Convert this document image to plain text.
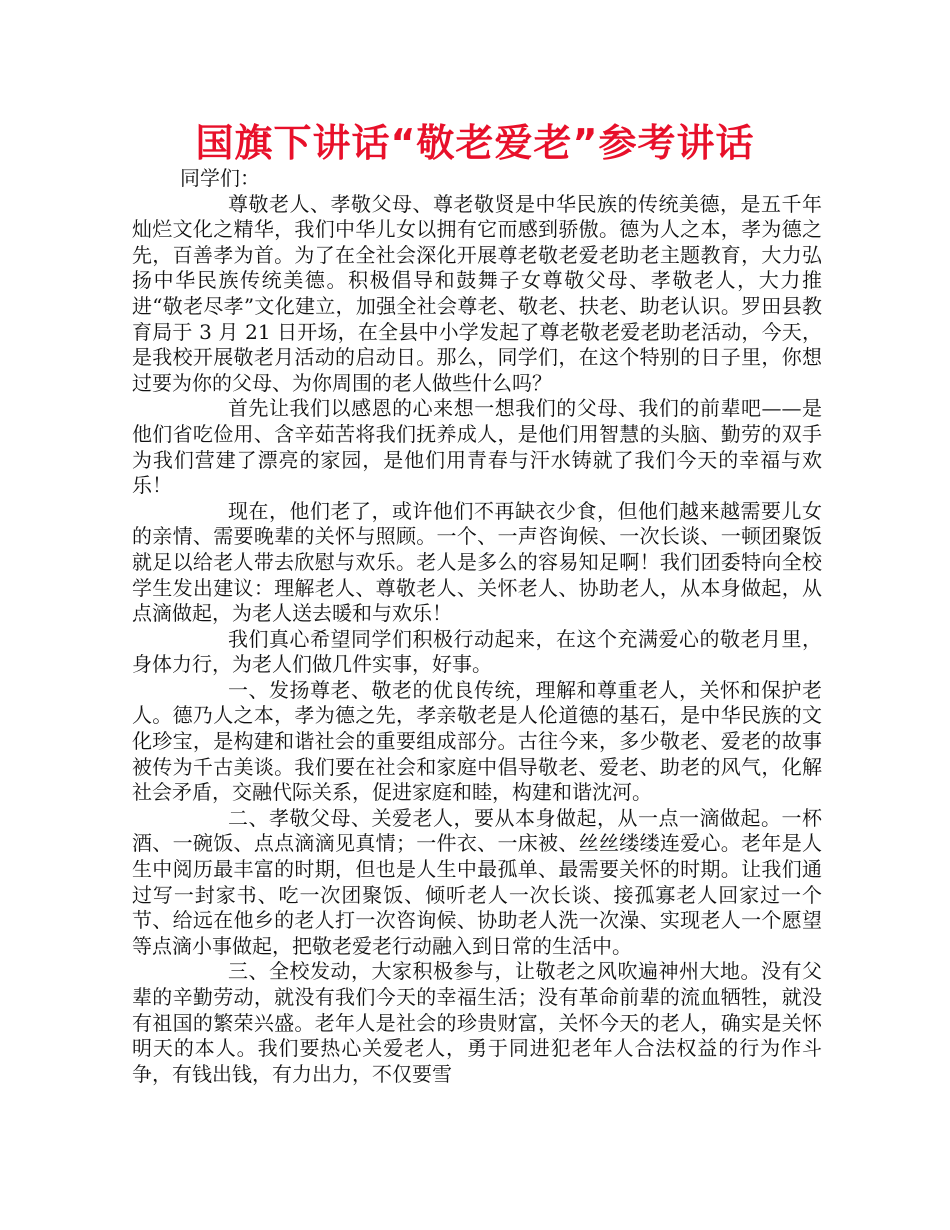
国旗下讲话“敬老爱老”参考讲话

同学们：

尊敬老人、孝敬父母、尊老敬贤是中华民族的传统美德，是五千年灿烂文化之精华，我们中华儿女以拥有它而感到骄傲。德为人之本，孝为德之先，百善孝为首。为了在全社会深化开展尊老敬老爱老助老主题教育，大力弘扬中华民族传统美德。积极倡导和鼓舞子女尊敬父母、孝敬老人，大力推进“敬老尽孝”文化建立，加强全社会尊老、敬老、扶老、助老认识。罗田县教育局于 3 月 21 日开场，在全县中小学发起了尊老敬老爱老助老活动，今天，是我校开展敬老月活动的启动日。那么，同学们，在这个特别的日子里，你想过要为你的父母、为你周围的老人做些什么吗？

首先让我们以感恩的心来想一想我们的父母、我们的前辈吧——是他们省吃俭用、含辛茹苦将我们抚养成人，是他们用智慧的头脑、勤劳的双手为我们营建了漂亮的家园，是他们用青春与汗水铸就了我们今天的幸福与欢乐！

现在，他们老了，或许他们不再缺衣少食，但他们越来越需要儿女的亲情、需要晚辈的关怀与照顾。一个、一声咨询候、一次长谈、一顿团聚饭就足以给老人带去欣慰与欢乐。老人是多么的容易知足啊！我们团委特向全校学生发出建议：理解老人、尊敬老人、关怀老人、协助老人，从本身做起，从点滴做起，为老人送去暖和与欢乐！

我们真心希望同学们积极行动起来，在这个充满爱心的敬老月里，身体力行，为老人们做几件实事，好事。

一、发扬尊老、敬老的优良传统，理解和尊重老人，关怀和保护老人。德乃人之本，孝为德之先，孝亲敬老是人伦道德的基石，是中华民族的文化珍宝，是构建和谐社会的重要组成部分。古往今来，多少敬老、爱老的故事被传为千古美谈。我们要在社会和家庭中倡导敬老、爱老、助老的风气，化解社会矛盾，交融代际关系，促进家庭和睦，构建和谐沈河。

二、孝敬父母、关爱老人，要从本身做起，从一点一滴做起。一杯酒、一碗饭、点点滴滴见真情；一件衣、一床被、丝丝缕缕连爱心。老年是人生中阅历最丰富的时期，但也是人生中最孤单、最需要关怀的时期。让我们通过写一封家书、吃一次团聚饭、倾听老人一次长谈、接孤寡老人回家过一个节、给远在他乡的老人打一次咨询候、协助老人洗一次澡、实现老人一个愿望等点滴小事做起，把敬老爱老行动融入到日常的生活中。

三、全校发动，大家积极参与，让敬老之风吹遍神州大地。没有父辈的辛勤劳动，就没有我们今天的幸福生活；没有革命前辈的流血牺牲，就没有祖国的繁荣兴盛。老年人是社会的珍贵财富，关怀今天的老人，确实是关怀明天的本人。我们要热心关爱老人，勇于同进犯老年人合法权益的行为作斗争，有钱出钱，有力出力，不仅要雪
